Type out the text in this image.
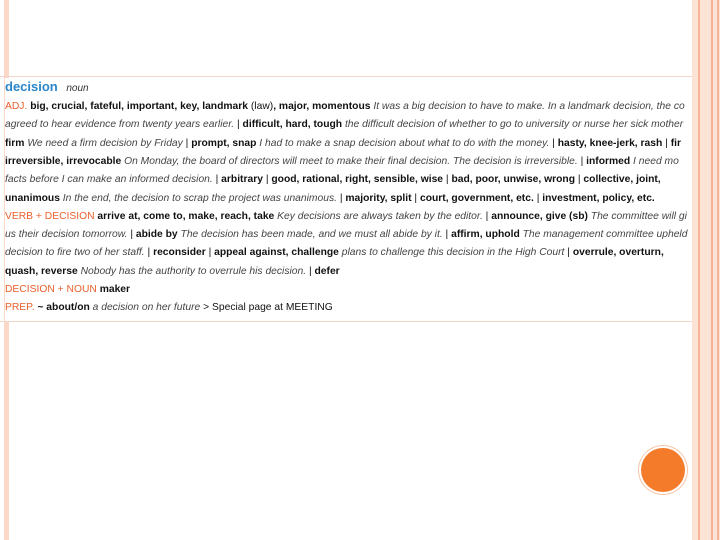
decision noun
ADJ. big, crucial, fateful, important, key, landmark (law), major, momentous It was a big decision to have to make. In a landmark decision, the co
agreed to hear evidence from twenty years earlier. | difficult, hard, tough the difficult decision of whether to go to university or nurse her sick mother
firm We need a firm decision by Friday | prompt, snap I had to make a snap decision about what to do with the money. | hasty, knee-jerk, rash | fir
irreversible, irrevocable On Monday, the board of directors will meet to make their final decision. The decision is irreversible. | informed I need mo
facts before I can make an informed decision. | arbitrary | good, rational, right, sensible, wise | bad, poor, unwise, wrong | collective, joint,
unanimous In the end, the decision to scrap the project was unanimous. | majority, split | court, government, etc. | investment, policy, etc.
VERB + DECISION arrive at, come to, make, reach, take Key decisions are always taken by the editor. | announce, give (sb) The committee will gi
us their decision tomorrow. | abide by The decision has been made, and we must all abide by it. | affirm, uphold The management committee upheld
decision to fire two of her staff. | reconsider | appeal against, challenge plans to challenge this decision in the High Court | overrule, overturn,
quash, reverse Nobody has the authority to overrule his decision. | defer
DECISION + NOUN maker
PREP. ~ about/on a decision on her future > Special page at MEETING
